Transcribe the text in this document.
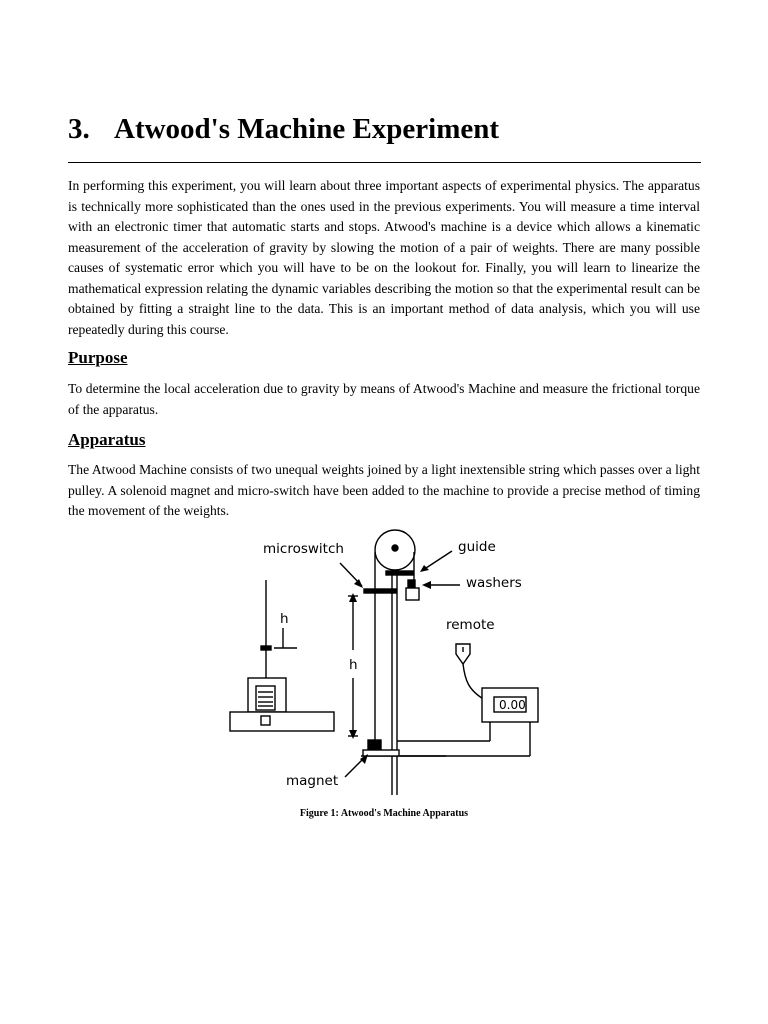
3. Atwood's Machine Experiment

In performing this experiment, you will learn about three important aspects of experimental physics. The apparatus is technically more sophisticated than the ones used in the previous experiments. You will measure a time interval with an electronic timer that automatic starts and stops. Atwood's machine is a device which allows a kinematic measurement of the acceleration of gravity by slowing the motion of a pair of weights. There are many possible causes of systematic error which you will have to be on the lookout for. Finally, you will learn to linearize the mathematical expression relating the dynamic variables describing the motion so that the experimental result can be obtained by fitting a straight line to the data. This is an important method of data analysis, which you will use repeatedly during this course.

Purpose

To determine the local acceleration due to gravity by means of Atwood's Machine and measure the frictional torque of the apparatus.

Apparatus

The Atwood Machine consists of two unequal weights joined by a light inextensible string which passes over a light pulley. A solenoid magnet and micro-switch have been added to the machine to provide a precise method of timing the movement of the weights.

microswitch	guide
washers
remote
magnet
h
h
0.00

Figure 1: Atwood's Machine Apparatus
